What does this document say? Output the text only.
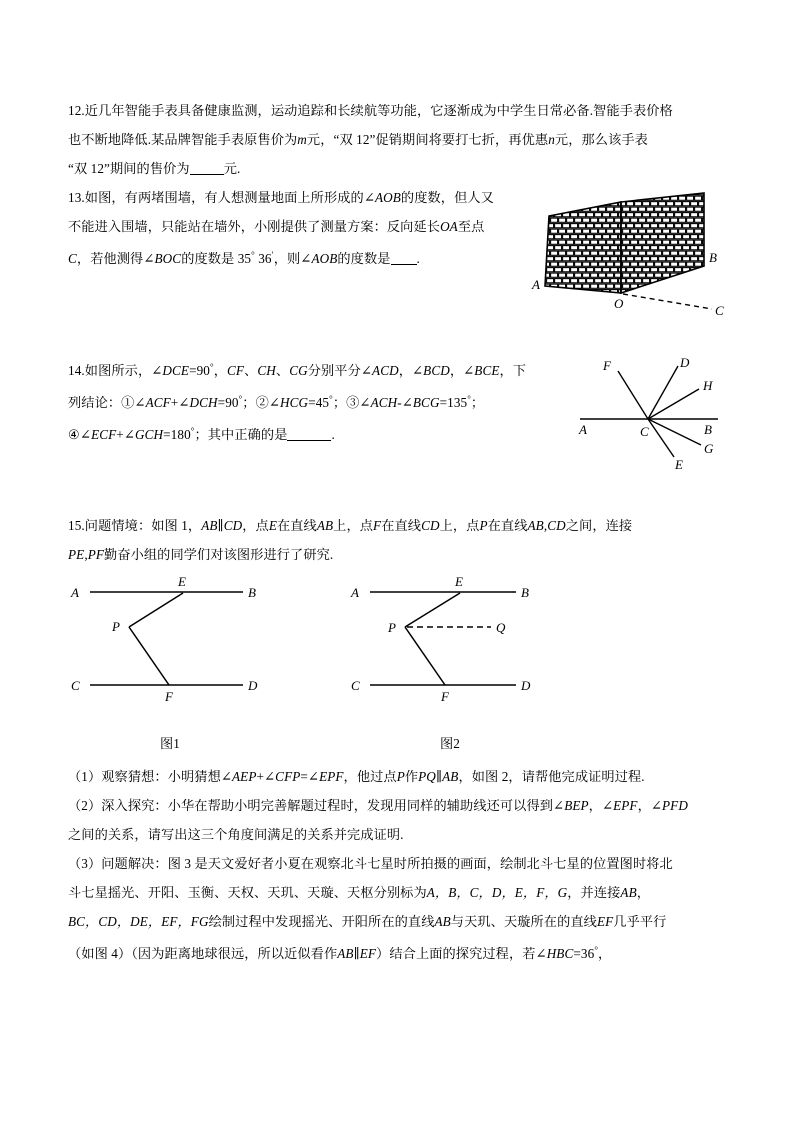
12.近几年智能手表具备健康监测，运动追踪和长续航等功能，它逐渐成为中学生日常必备.智能手表价格
也不断地降低.某品牌智能手表原售价为m元，“双 12”促销期间将要打七折，再优惠n元，那么该手表
“双 12”期间的售价为	元.
13.如图，有两堵围墙，有人想测量地面上所形成的∠AOB的度数，但人又
不能进入围墙，只能站在墙外，小刚提供了测量方案：反向延长OA至点
C，若他测得∠BOC的度数是 35° 36′，则∠AOB的度数是 .
A
B
O	C
14.如图所示，∠DCE=90°，CF、CH、CG分别平分∠ACD，∠BCD，∠BCE，下
列结论：①∠ACF+∠DCH=90°；②∠HCG=45°；③∠ACH-∠BCG=135°；
④∠ECF+∠GCH=180°；其中正确的是	.
F	D
H
A	C	B
G
E
15.问题情境：如图 1，AB∥CD，点E在直线AB上，点F在直线CD上，点P在直线AB,CD之间，连接
PE,PF勤奋小组的同学们对该图形进行了研究.
A
E
B
P
C
F
D
图1
A
E
B
P	Q
C
F
D
图2
（1）观察猜想：小明猜想∠AEP+∠CFP=∠EPF，他过点P作PQ∥AB，如图 2，请帮他完成证明过程.
（2）深入探究：小华在帮助小明完善解题过程时，发现用同样的辅助线还可以得到∠BEP，∠EPF，∠PFD
之间的关系，请写出这三个角度间满足的关系并完成证明.
（3）问题解决：图 3 是天文爱好者小夏在观察北斗七星时所拍摄的画面，绘制北斗七星的位置图时将北
斗七星摇光、开阳、玉衡、天权、天玑、天璇、天枢分别标为A，B，C，D，E，F，G，并连接AB，
BC，CD，DE，EF，FG绘制过程中发现摇光、开阳所在的直线AB与天玑、天璇所在的直线EF几乎平行
（如图 4）（因为距离地球很远，所以近似看作AB∥EF）结合上面的探究过程，若∠HBC=36°，
